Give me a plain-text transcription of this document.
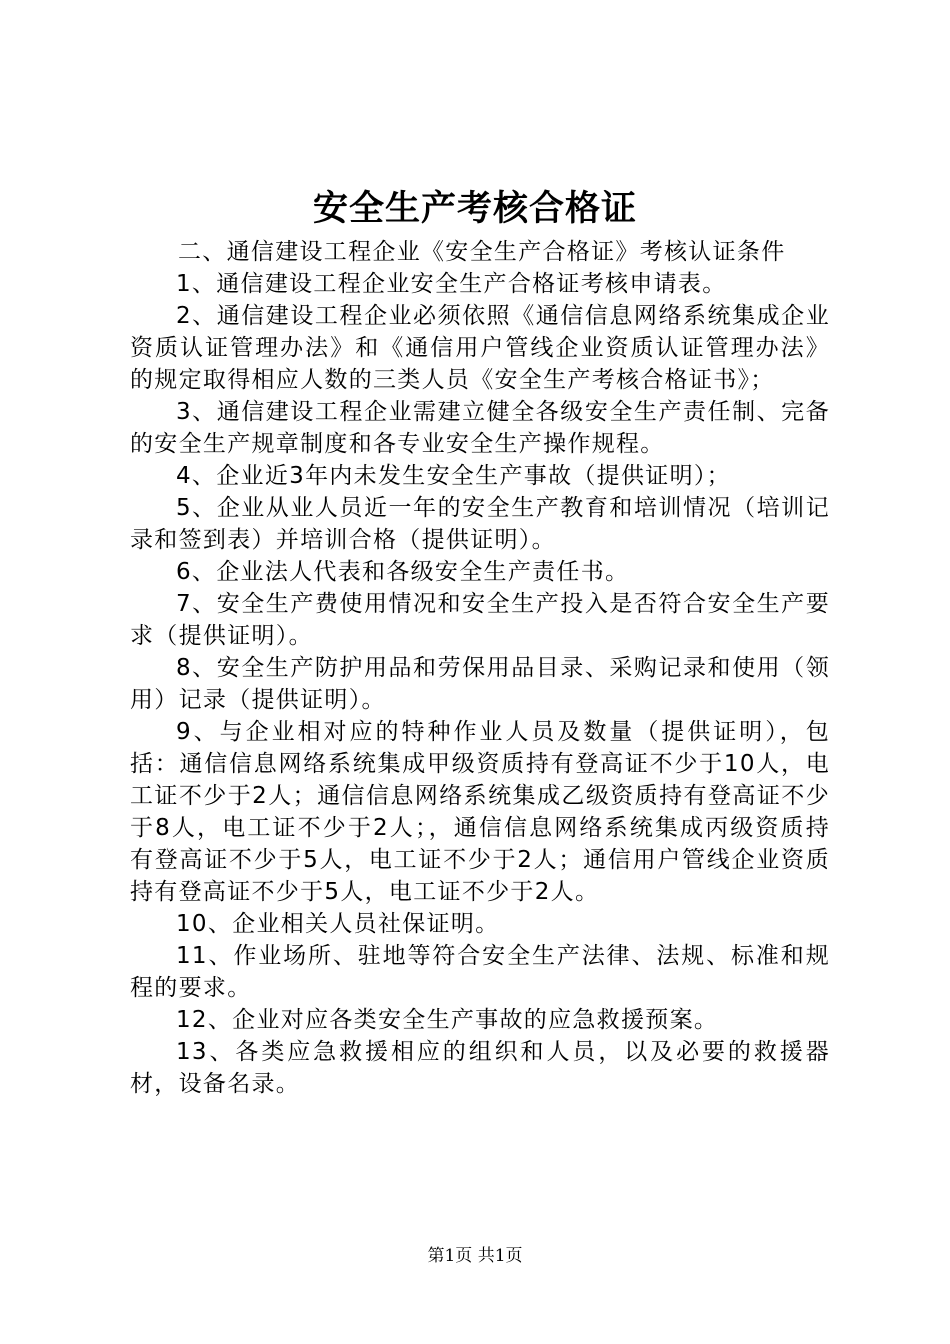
安全生产考核合格证

二、通信建设工程企业《安全生产合格证》考核认证条件

1、通信建设工程企业安全生产合格证考核申请表。

2、通信建设工程企业必须依照《通信信息网络系统集成企业资质认证管理办法》和《通信用户管线企业资质认证管理办法》的规定取得相应人数的三类人员《安全生产考核合格证书》；

3、通信建设工程企业需建立健全各级安全生产责任制、完备的安全生产规章制度和各专业安全生产操作规程。

4、企业近3年内未发生安全生产事故（提供证明）；

5、企业从业人员近一年的安全生产教育和培训情况（培训记录和签到表）并培训合格（提供证明）。

6、企业法人代表和各级安全生产责任书。

7、安全生产费使用情况和安全生产投入是否符合安全生产要求（提供证明）。

8、安全生产防护用品和劳保用品目录、采购记录和使用（领用）记录（提供证明）。

9、与企业相对应的特种作业人员及数量（提供证明），包括：通信信息网络系统集成甲级资质持有登高证不少于10人，电工证不少于2人；通信信息网络系统集成乙级资质持有登高证不少于8人，电工证不少于2人；，通信信息网络系统集成丙级资质持有登高证不少于5人，电工证不少于2人；通信用户管线企业资质持有登高证不少于5人，电工证不少于2人。

10、企业相关人员社保证明。

11、作业场所、驻地等符合安全生产法律、法规、标准和规程的要求。

12、企业对应各类安全生产事故的应急救援预案。

13、各类应急救援相应的组织和人员，以及必要的救援器材，设备名录。

第1页 共1页
